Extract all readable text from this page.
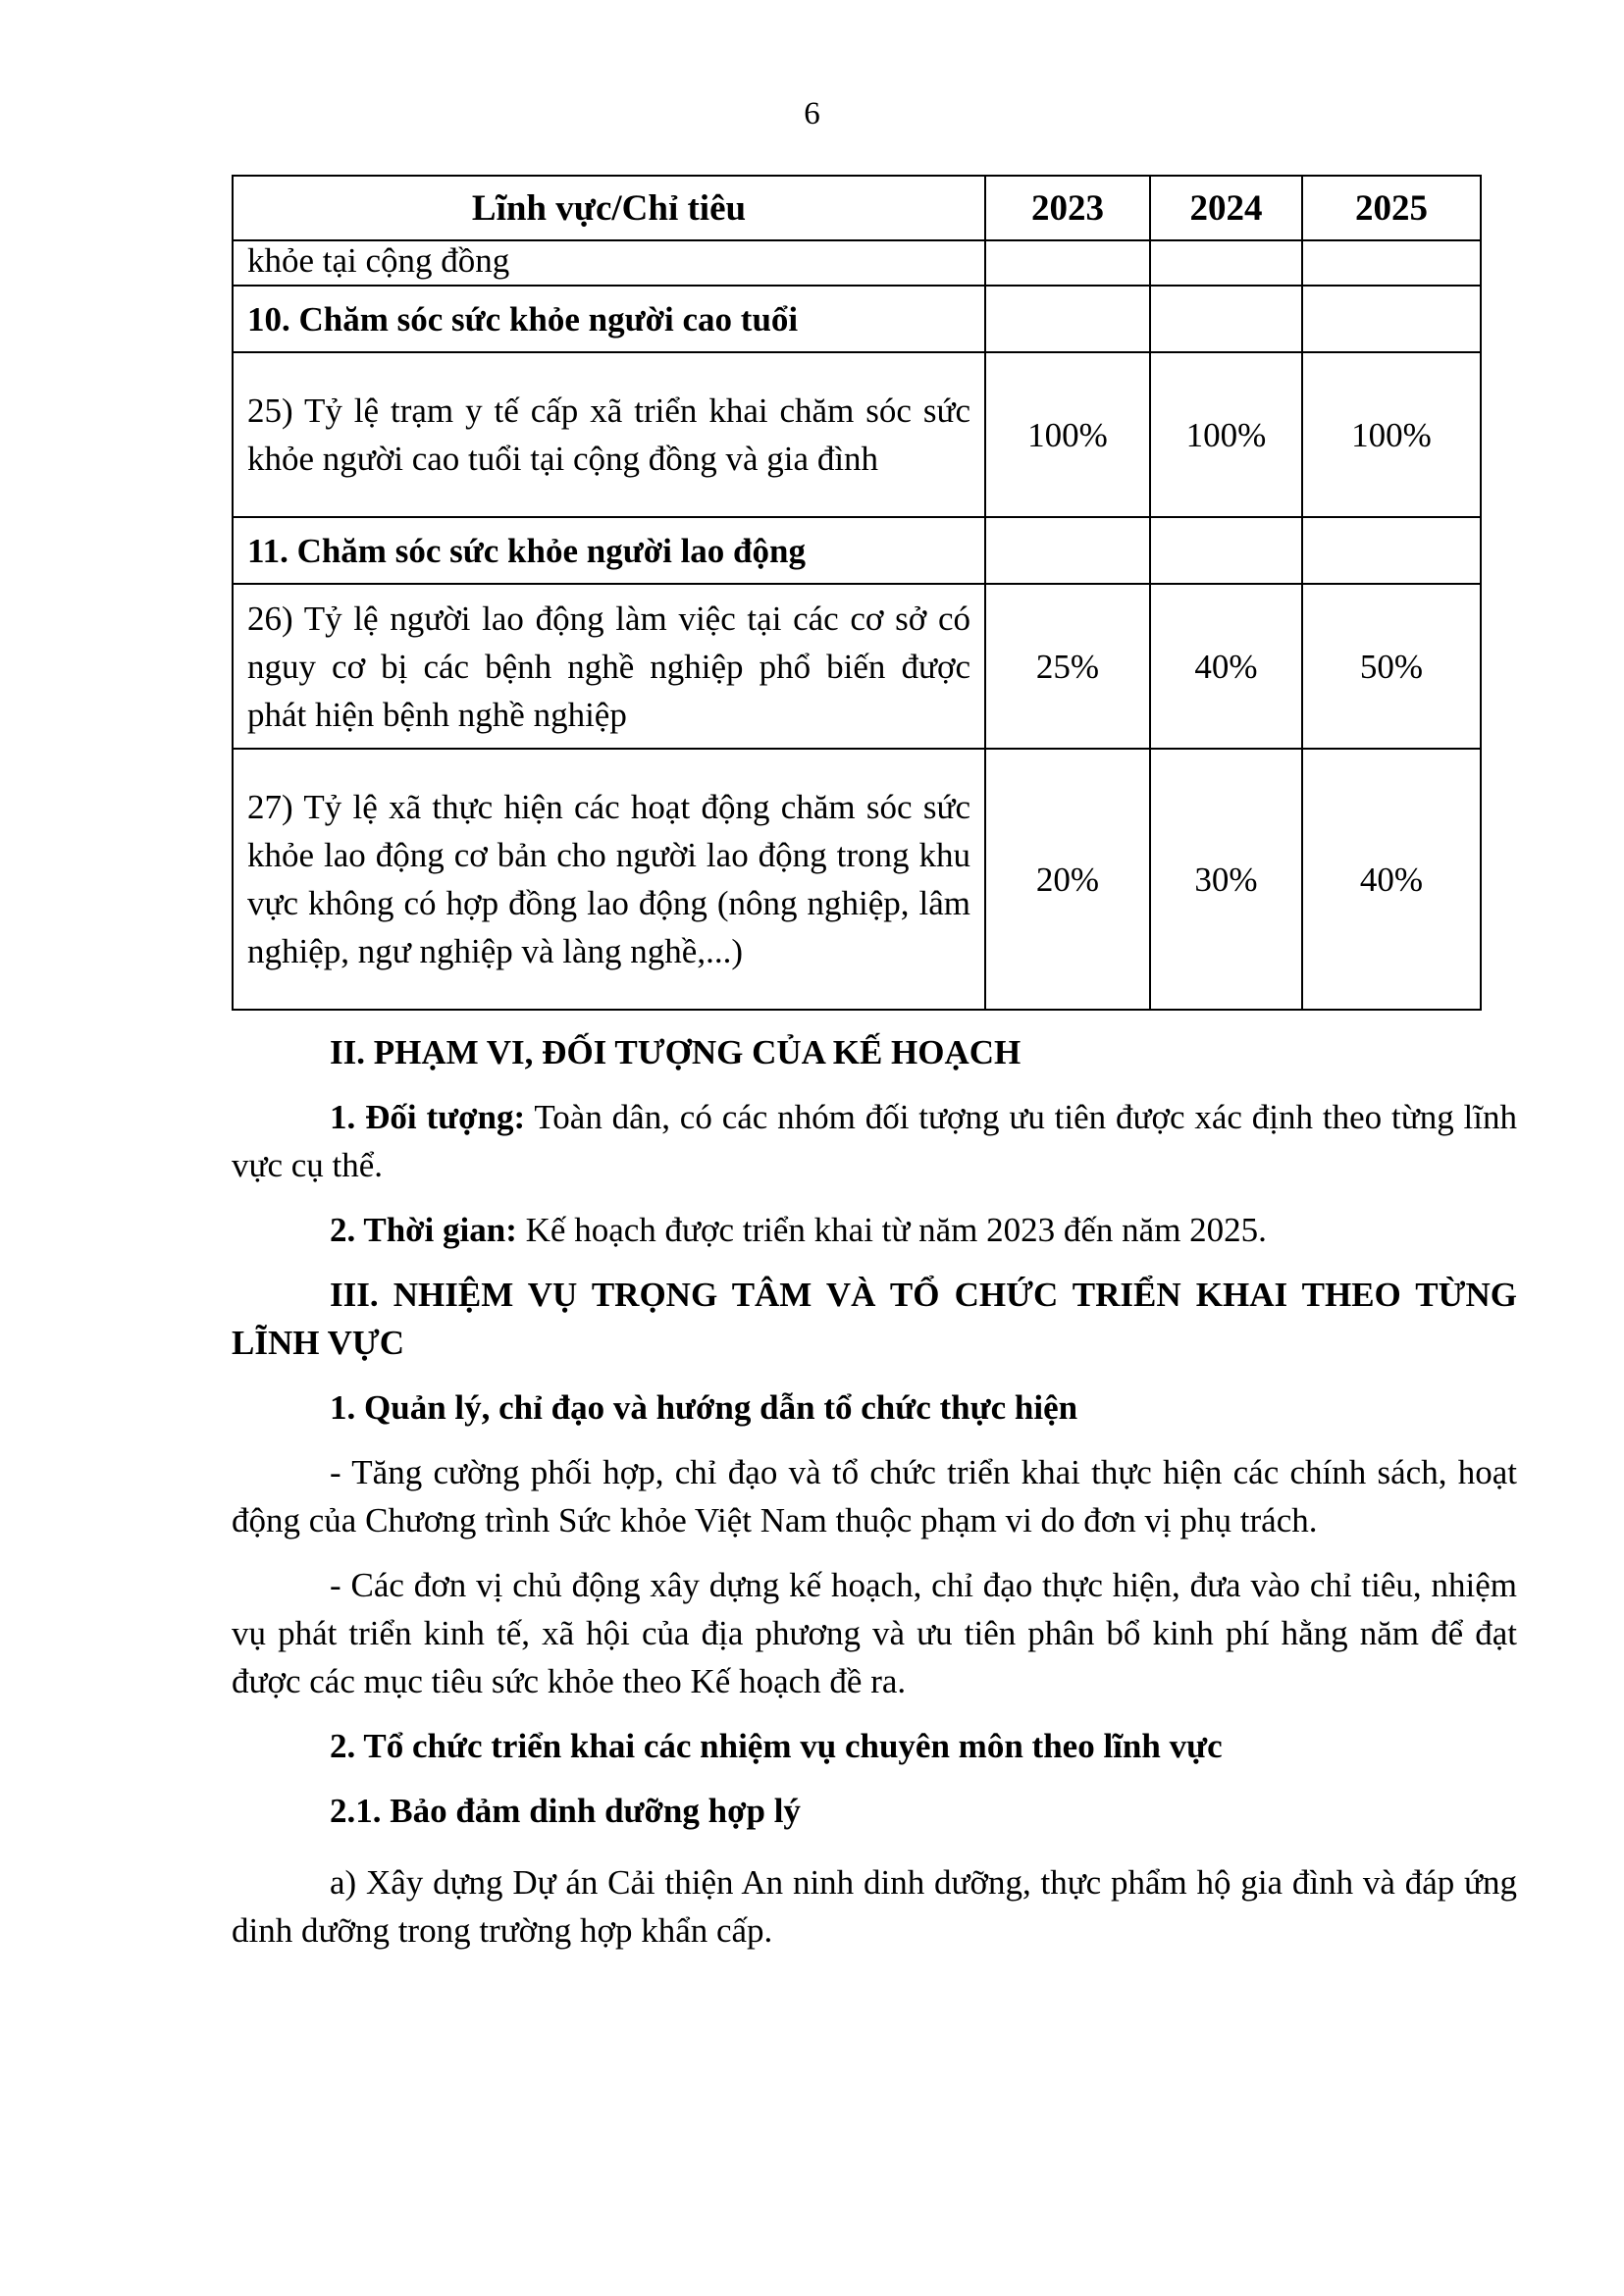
6
Lĩnh vực/Chỉ tiêu	2023	2024	2025
khỏe tại cộng đồng			
10. Chăm sóc sức khỏe người cao tuổi			
25) Tỷ lệ trạm y tế cấp xã triển khai chăm sóc sức khỏe người cao tuổi tại cộng đồng và gia đình	100%	100%	100%
11. Chăm sóc sức khỏe người lao động			
26) Tỷ lệ người lao động làm việc tại các cơ sở có nguy cơ bị các bệnh nghề nghiệp phổ biến được phát hiện bệnh nghề nghiệp	25%	40%	50%
27) Tỷ lệ xã thực hiện các hoạt động chăm sóc sức khỏe lao động cơ bản cho người lao động trong khu vực không có hợp đồng lao động (nông nghiệp, lâm nghiệp, ngư nghiệp và làng nghề,...)	20%	30%	40%

II. PHẠM VI, ĐỐI TƯỢNG CỦA KẾ HOẠCH

1. Đối tượng: Toàn dân, có các nhóm đối tượng ưu tiên được xác định theo từng lĩnh vực cụ thể.

2. Thời gian: Kế hoạch được triển khai từ năm 2023 đến năm 2025.

III. NHIỆM VỤ TRỌNG TÂM VÀ TỔ CHỨC TRIỂN KHAI THEO TỪNG LĨNH VỰC

1. Quản lý, chỉ đạo và hướng dẫn tổ chức thực hiện

- Tăng cường phối hợp, chỉ đạo và tổ chức triển khai thực hiện các chính sách, hoạt động của Chương trình Sức khỏe Việt Nam thuộc phạm vi do đơn vị phụ trách.

- Các đơn vị chủ động xây dựng kế hoạch, chỉ đạo thực hiện, đưa vào chỉ tiêu, nhiệm vụ phát triển kinh tế, xã hội của địa phương và ưu tiên phân bổ kinh phí hằng năm để đạt được các mục tiêu sức khỏe theo Kế hoạch đề ra.

2. Tổ chức triển khai các nhiệm vụ chuyên môn theo lĩnh vực

2.1. Bảo đảm dinh dưỡng hợp lý

a) Xây dựng Dự án Cải thiện An ninh dinh dưỡng, thực phẩm hộ gia đình và đáp ứng dinh dưỡng trong trường hợp khẩn cấp.
